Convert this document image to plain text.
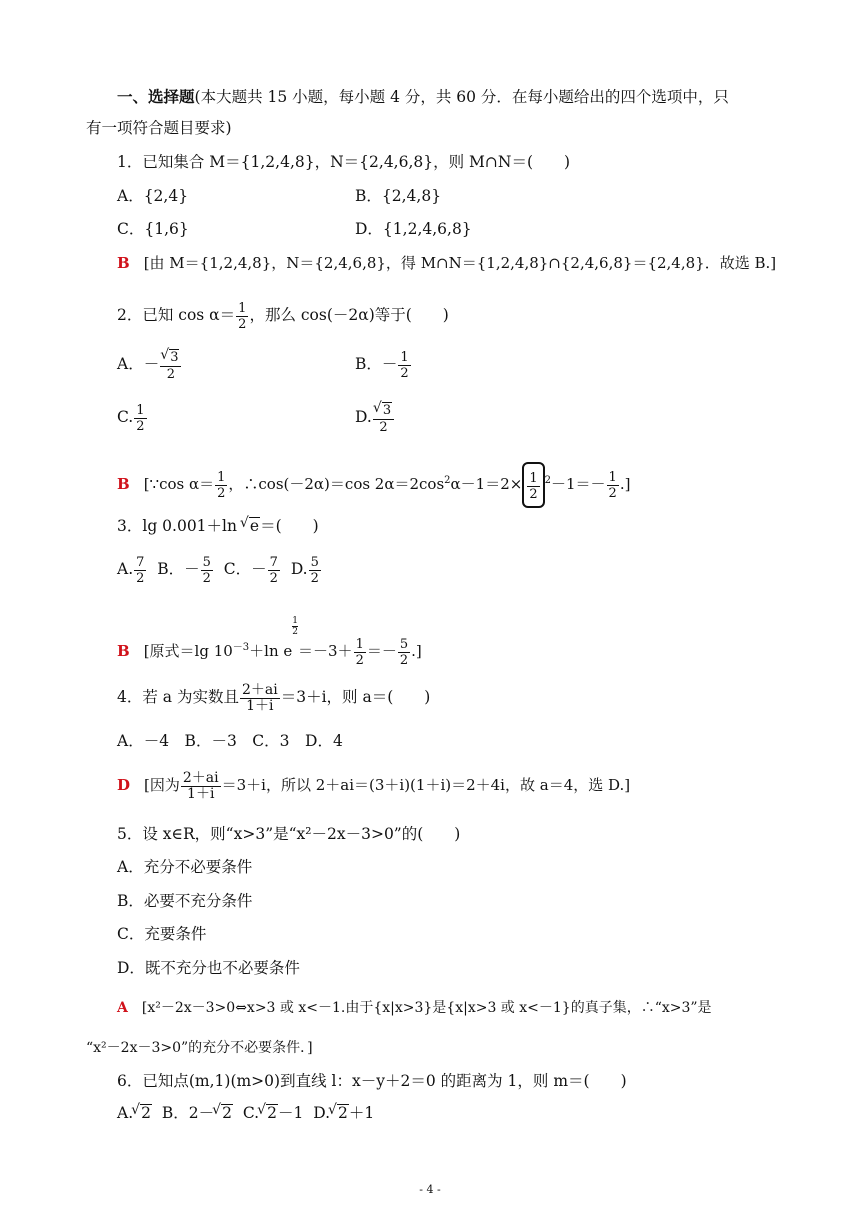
一、选择题(本大题共 15 小题，每小题 4 分，共 60 分．在每小题给出的四个选项中，只
有一项符合题目要求)
1．已知集合 M＝{1,2,4,8}，N＝{2,4,6,8}，则 M∩N＝(　　)
A．{2,4}	B．{2,4,8}
C．{1,6}	D．{1,2,4,6,8}
B [由 M＝{1,2,4,8}，N＝{2,4,6,8}，得 M∩N＝{1,2,4,8}∩{2,4,6,8}＝{2,4,8}．故选 B.]
2．已知 $\cos \alpha= \frac{1}{2}$ ，那么 cos(－2α)等于(　　)
A．－ √ $\frac{3}{2}$	B．－ $\frac{1}{2}$
C. $\frac{1}{2}$	D. √ $\frac{3}{2}$
B [∵cos $\alpha= \frac{1}{2}$ ，∴cos(－2α)＝cos $2\alpha=2\cos^2\alpha-1=2\times \frac{1}{2} ^2-1=- \frac{1}{2}$ .]
3．lg 0.001＋ln √ e＝(　　)
A. $\frac{7}{2}$ B．－ $\frac{5}{2}$ C．－ $\frac{7}{2} D$. $\frac{5}{2}$
B [原式＝lg $10^{-3}+\ln$ e
$\frac{1}{2}$
$=-3+ \frac{1}{2} =- \frac{5}{2}$ .]
4．若 a 为实数且 $\frac{2+ai}{1+i} =3+i$，则 a＝(　　)
A．－4　B．－3　C．3　D．4
D [因为 $\frac{2+ai}{1+i} =3+i$，所以 2＋ai＝(3＋i)(1＋i)＝2＋4i，故 a＝4，选 D.]
5．设 x∈R，则“x>3”是“x²－2x－3>0”的(　　)
A．充分不必要条件
B．必要不充分条件
C．充要条件
D．既不充分也不必要条件
A [x²－2x－3>0⇔x>3 或 x<－1.由于{x|x>3}是{x|x>3 或 x<－1}的真子集，∴“x>3”是
“x²－2x－3>0”的充分不必要条件．]
6．已知点(m,1)(m>0)到直线 l：x－y＋2＝0 的距离为 1，则 m＝(　　)
A. √ 2 B．2－ √ 2 C. √ 2－1 D. √ 2＋1
- 4 -
